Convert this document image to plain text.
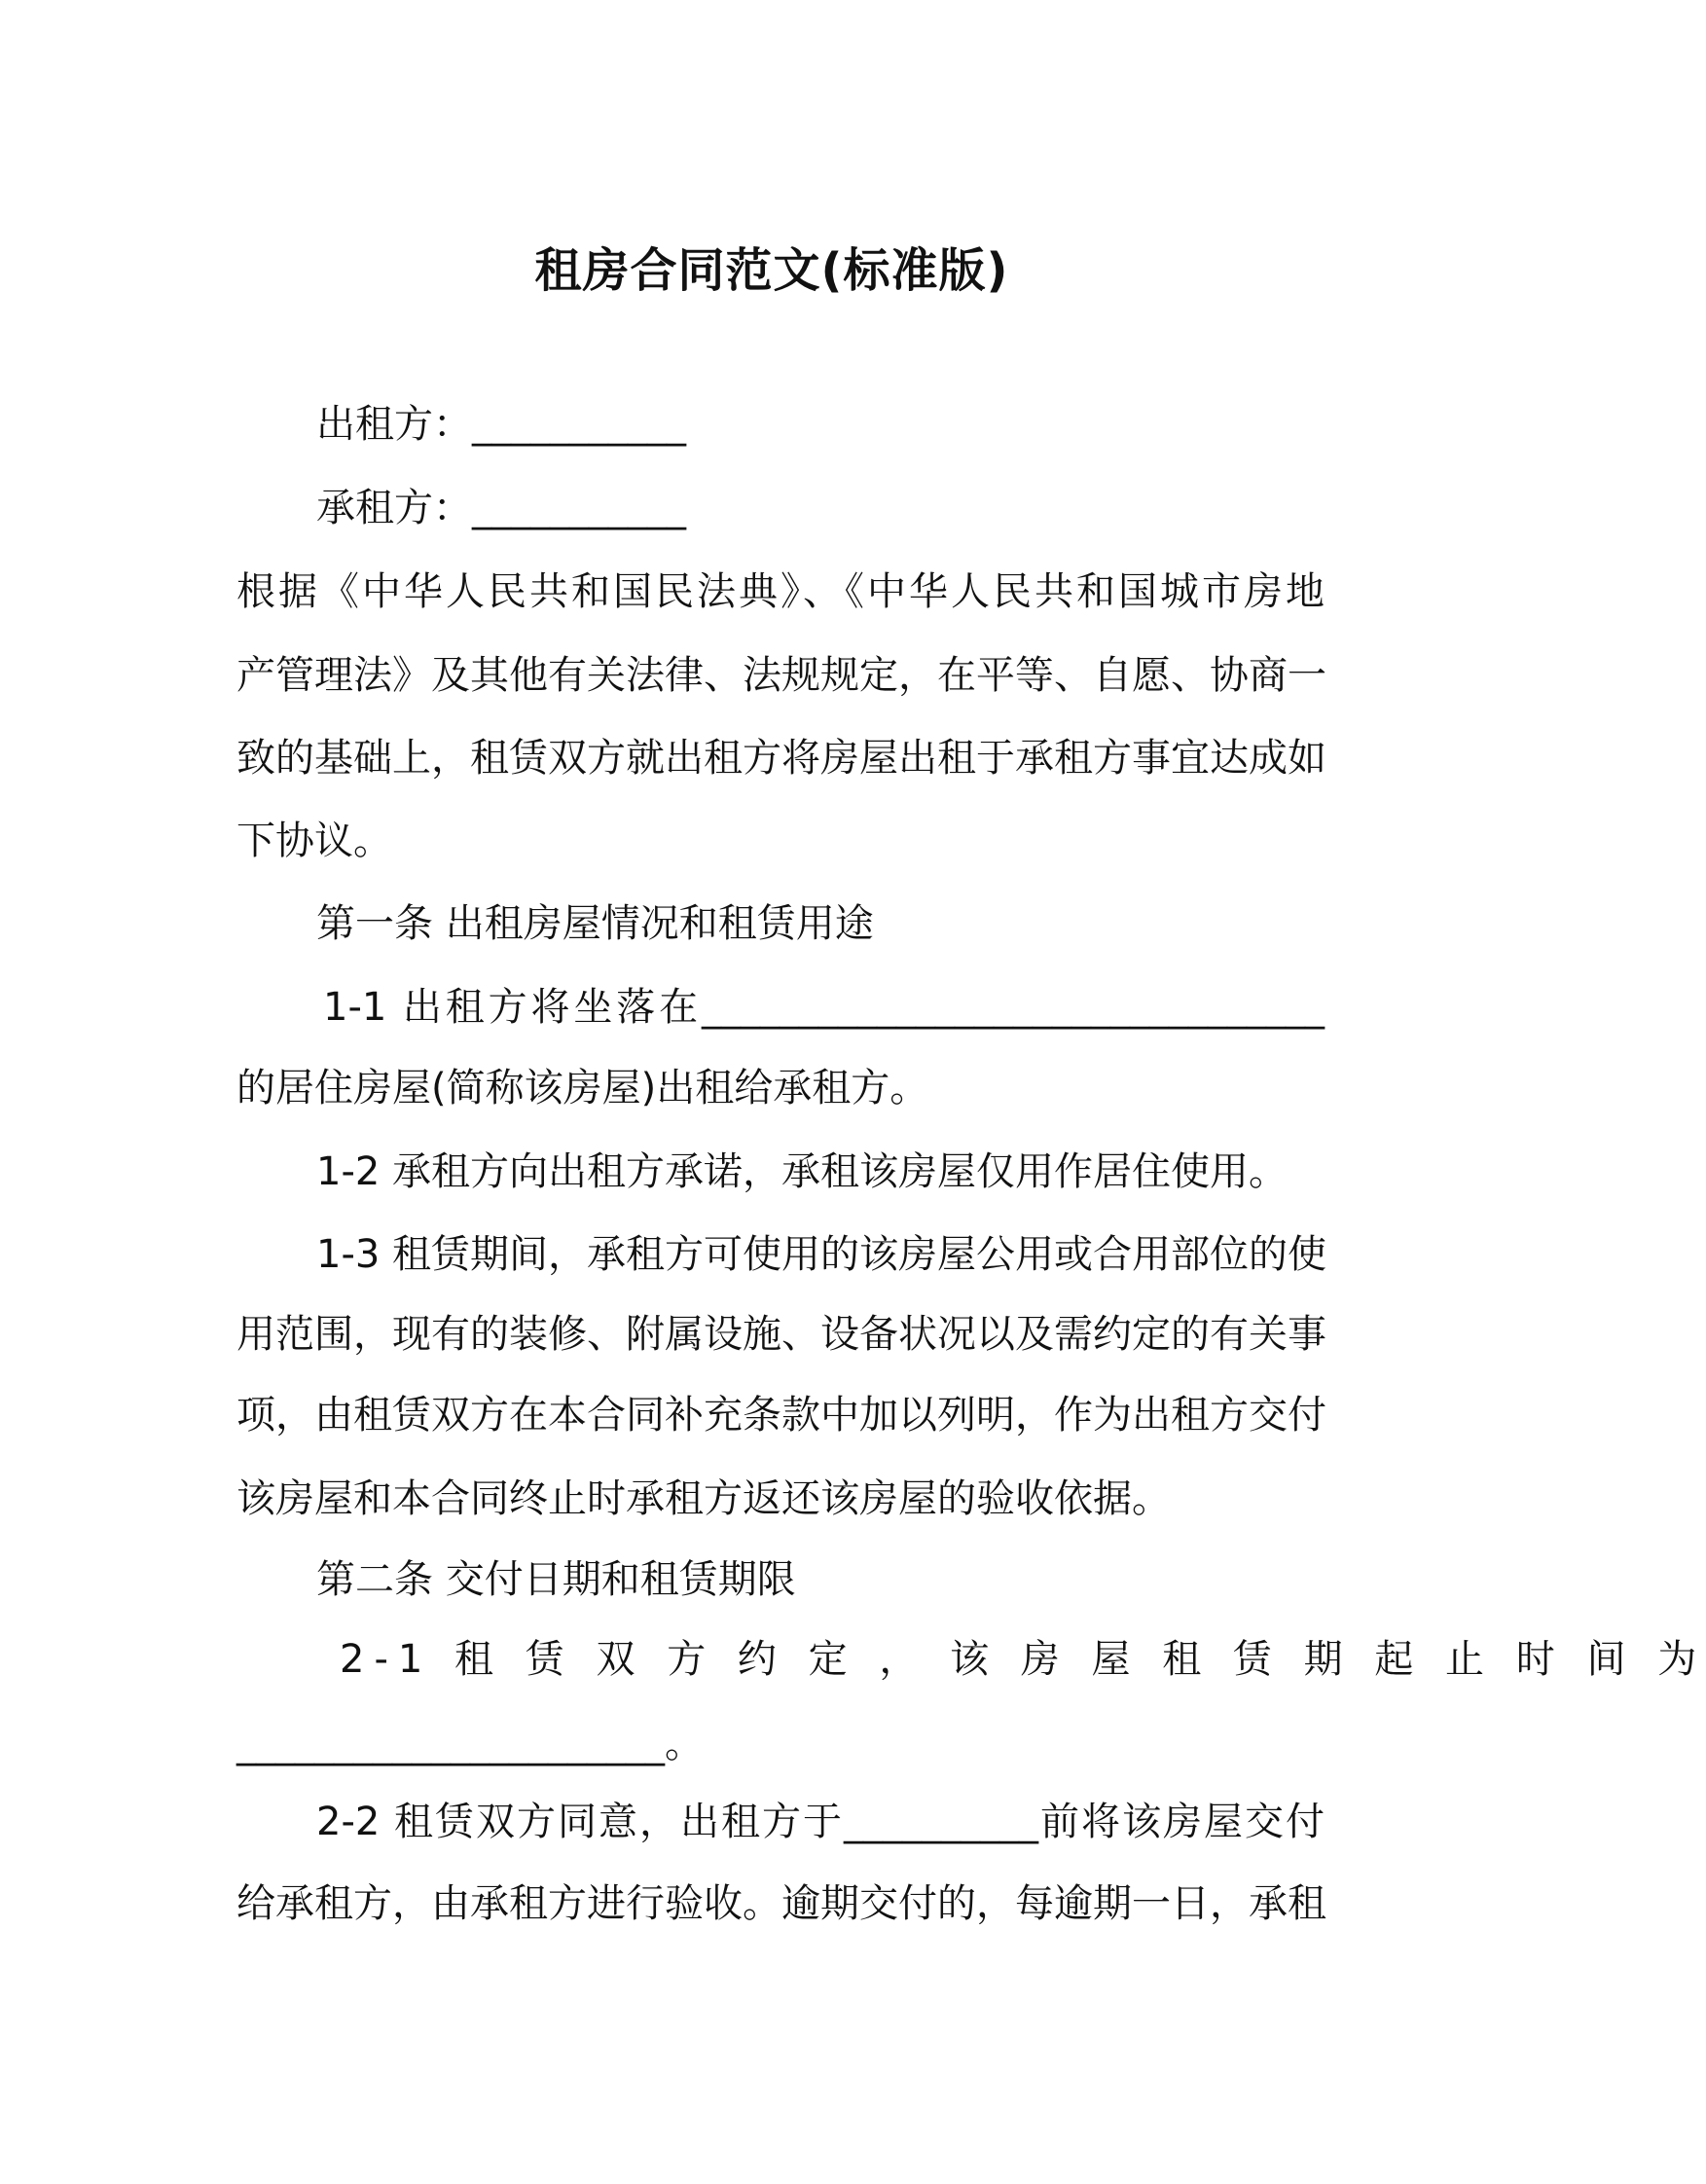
租房合同范文(标准版)

出租方：___________

承租方：___________

根据《中华人民共和国民法典》、《中华人民共和国城市房地

产管理法》及其他有关法律、法规规定，在平等、自愿、协商一

致的基础上，租赁双方就出租方将房屋出租于承租方事宜达成如

下协议。

第一条 出租房屋情况和租赁用途

1-1 出租方将坐落在________________________________

的居住房屋(简称该房屋)出租给承租方。

1-2 承租方向出租方承诺，承租该房屋仅用作居住使用。

1-3 租赁期间，承租方可使用的该房屋公用或合用部位的使

用范围，现有的装修、附属设施、设备状况以及需约定的有关事

项，由租赁双方在本合同补充条款中加以列明，作为出租方交付

该房屋和本合同终止时承租方返还该房屋的验收依据。

第二条 交付日期和租赁期限

2-1 租 赁 双 方 约 定 ， 该 房 屋 租 赁 期 起 止 时 间 为

______________________。

2-2 租赁双方同意，出租方于__________前将该房屋交付

给承租方，由承租方进行验收。逾期交付的，每逾期一日，承租
